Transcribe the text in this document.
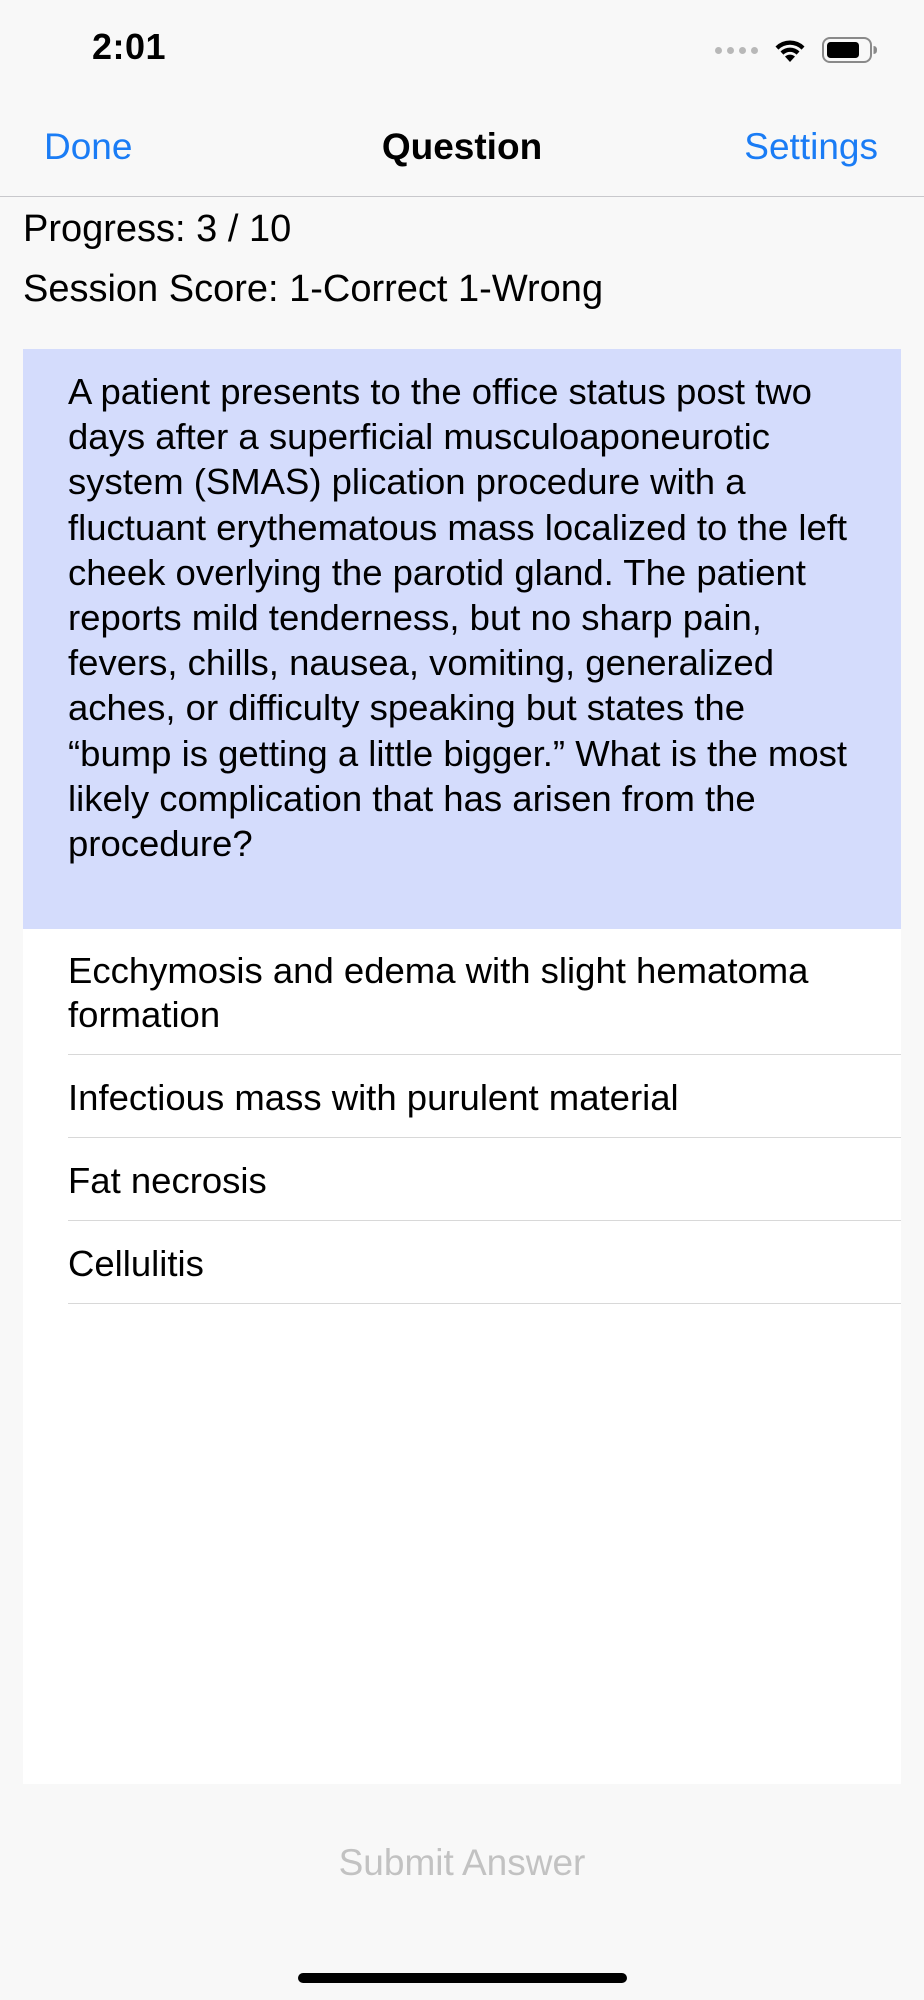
2:01
Done	Question	Settings
Progress: 3 / 10
Session Score: 1-Correct 1-Wrong
A patient presents to the office status post two days after a superficial musculoaponeurotic system (SMAS) plication procedure with a fluctuant erythematous mass localized to the left cheek overlying the parotid gland. The patient reports mild tenderness, but no sharp pain, fevers, chills, nausea, vomiting, generalized aches, or difficulty speaking but states the “bump is getting a little bigger.” What is the most likely complication that has arisen from the procedure?
Ecchymosis and edema with slight hematoma formation
Infectious mass with purulent material
Fat necrosis
Cellulitis
Submit Answer
